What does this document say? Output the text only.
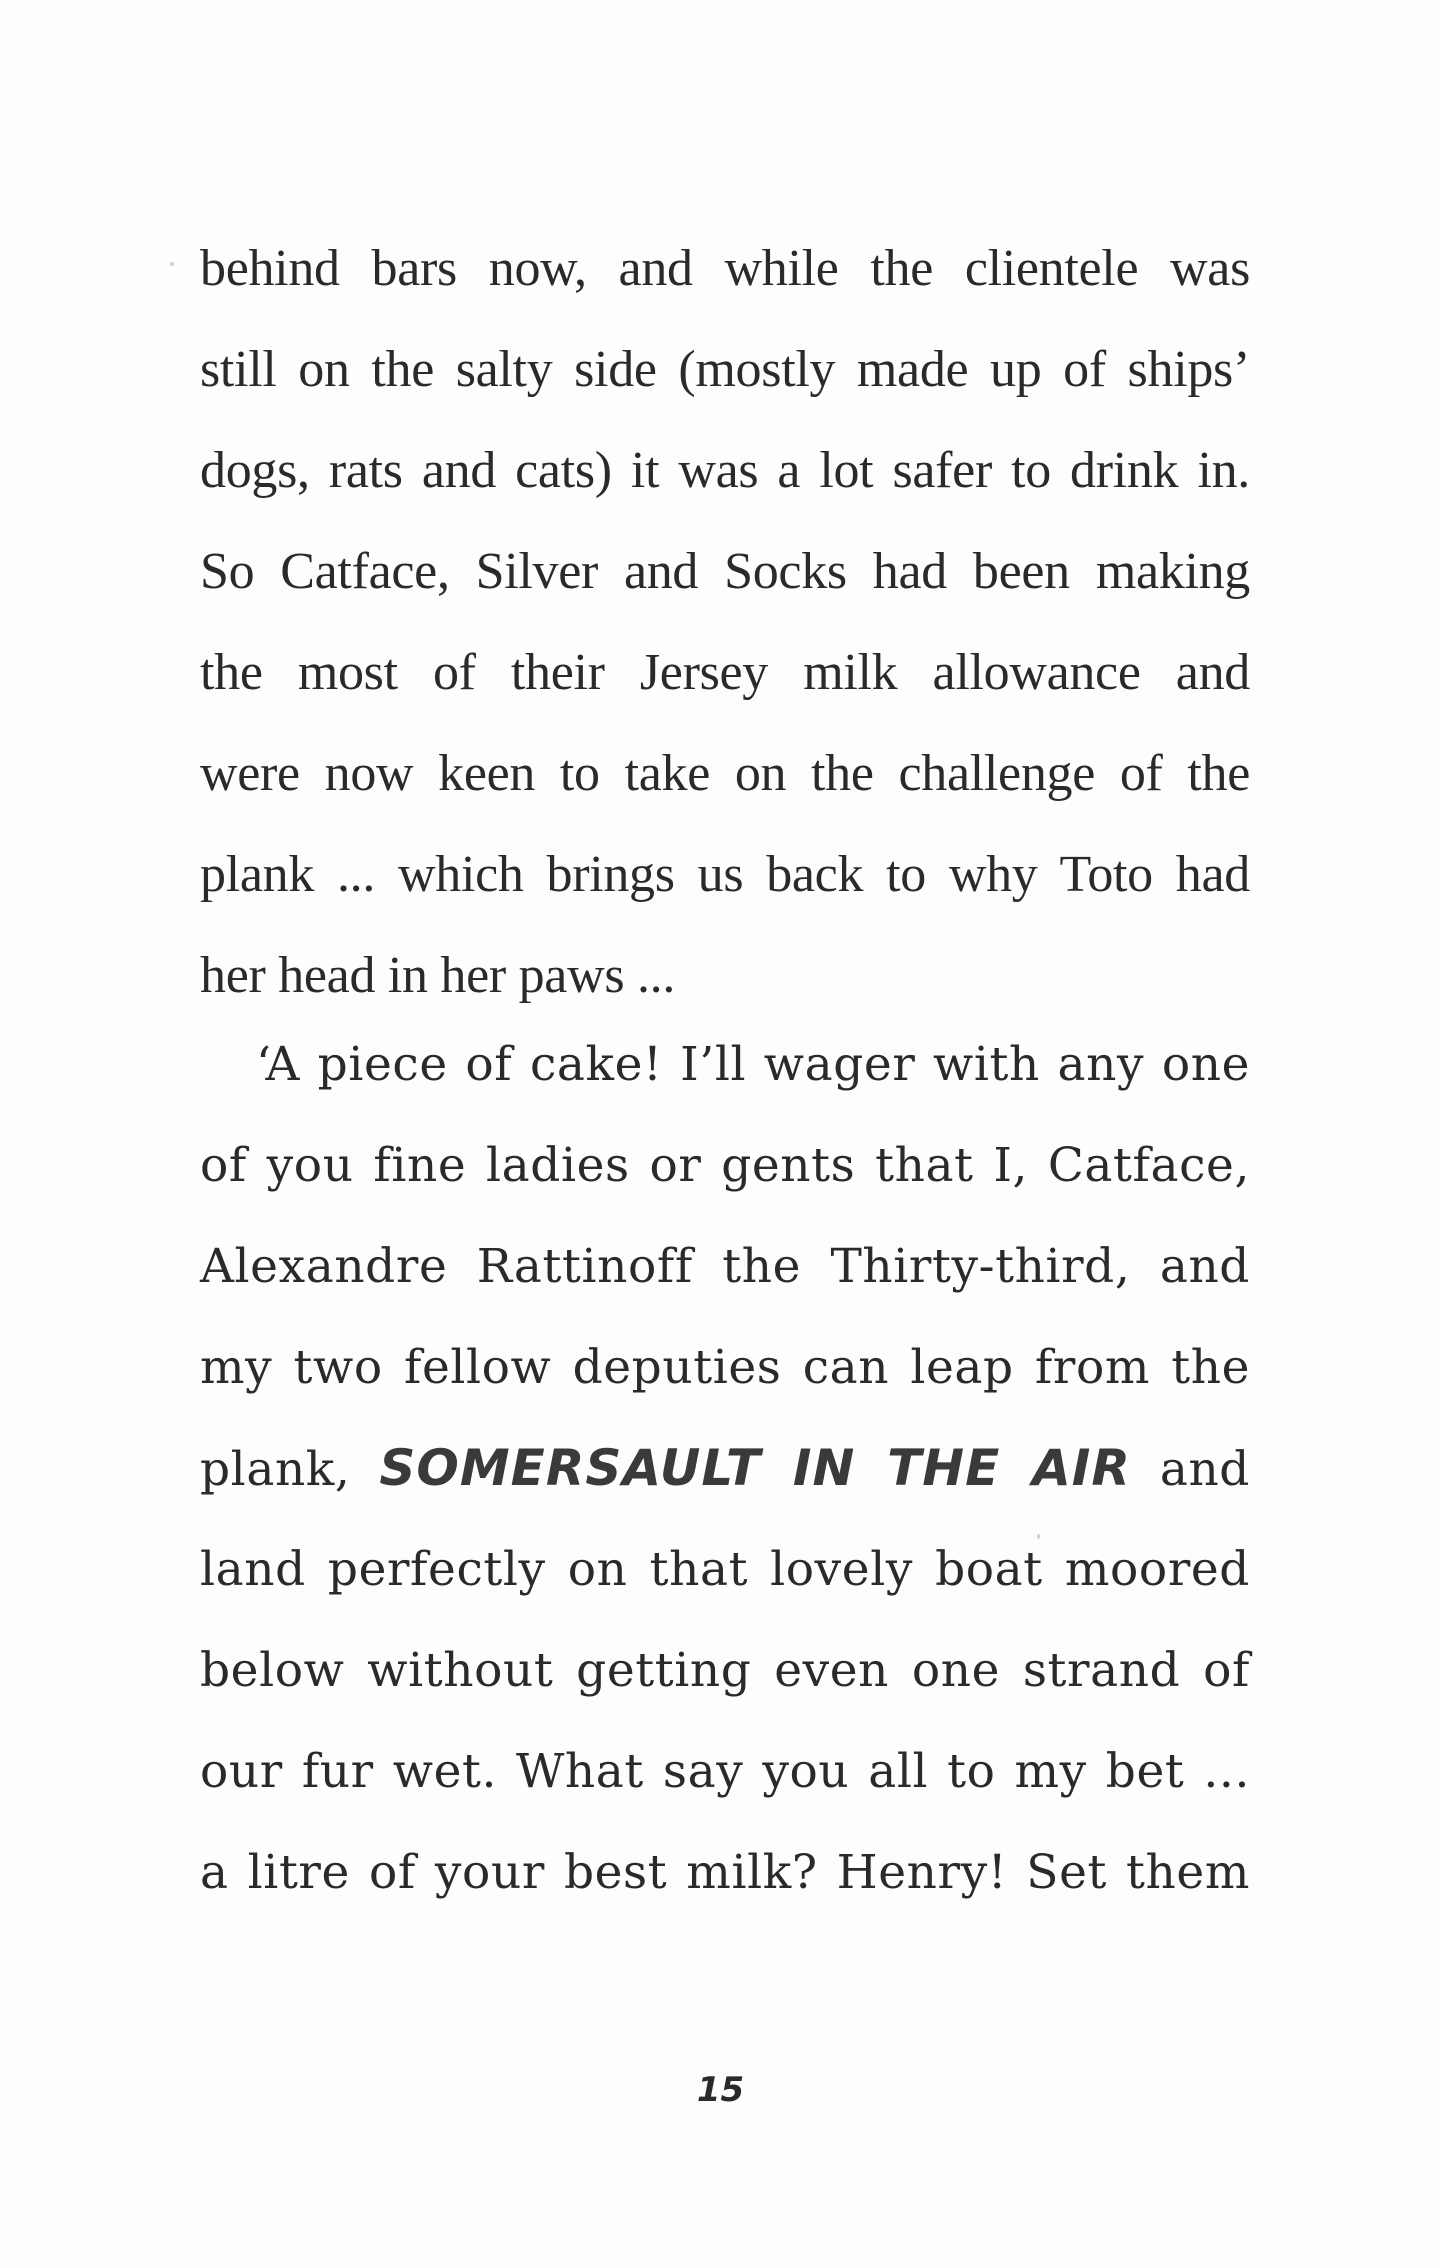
behind bars now, and while the clientele was
still on the salty side (mostly made up of ships’
dogs, rats and cats) it was a lot safer to drink in.
So Catface, Silver and Socks had been making
the most of their Jersey milk allowance and
were now keen to take on the challenge of the
plank ... which brings us back to why Toto had
her head in her paws ...
‘A piece of cake! I’ll wager with any one
of you fine ladies or gents that I, Catface,
Alexandre Rattinoff the Thirty-third, and
my two fellow deputies can leap from the
plank, SOMERSAULT IN THE AIR and
land perfectly on that lovely boat moored
below without getting even one strand of
our fur wet. What say you all to my bet ...
a litre of your best milk? Henry! Set them
15
